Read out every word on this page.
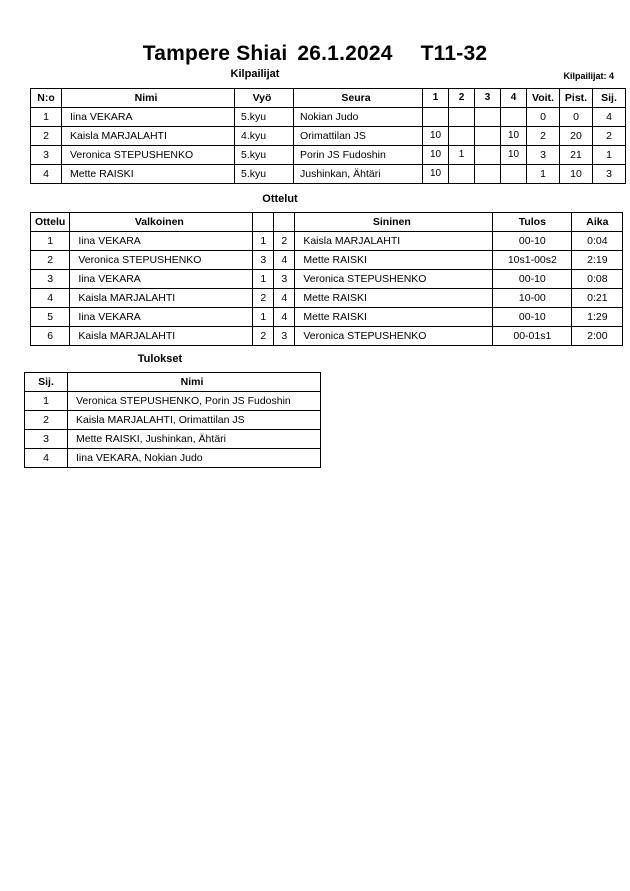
Tampere Shiai 26.1.2024 T11-32
Kilpailijat	Kilpailijat: 4
N:o	Nimi	Vyö	Seura	1	2	3	4	Voit.	Pist.	Sij.
1	Iina VEKARA	5.kyu	Nokian Judo					0	0	4
2	Kaisla MARJALAHTI	4.kyu	Orimattilan JS	10			10	2	20	2
3	Veronica STEPUSHENKO	5.kyu	Porin JS Fudoshin	10	1		10	3	21	1
4	Mette RAISKI	5.kyu	Jushinkan, Ähtäri	10				1	10	3
Ottelut
Ottelu	Valkoinen			Sininen	Tulos	Aika
1	Iina VEKARA	1	2	Kaisla MARJALAHTI	00-10	0:04
2	Veronica STEPUSHENKO	3	4	Mette RAISKI	10s1-00s2	2:19
3	Iina VEKARA	1	3	Veronica STEPUSHENKO	00-10	0:08
4	Kaisla MARJALAHTI	2	4	Mette RAISKI	10-00	0:21
5	Iina VEKARA	1	4	Mette RAISKI	00-10	1:29
6	Kaisla MARJALAHTI	2	3	Veronica STEPUSHENKO	00-01s1	2:00
Tulokset
Sij.	Nimi
1	Veronica STEPUSHENKO, Porin JS Fudoshin
2	Kaisla MARJALAHTI, Orimattilan JS
3	Mette RAISKI, Jushinkan, Ähtäri
4	Iina VEKARA, Nokian Judo
